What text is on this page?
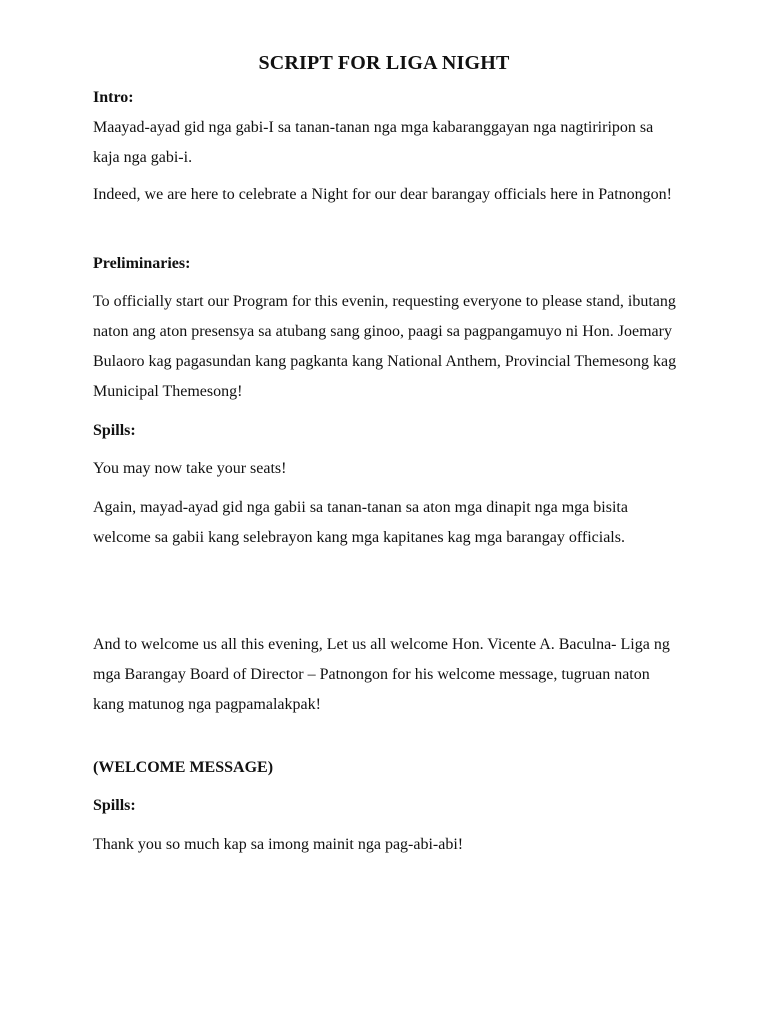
SCRIPT FOR LIGA NIGHT

Intro:

Maayad-ayad gid nga gabi-I sa tanan-tanan nga mga kabaranggayan nga nagtiriripon sa kaja nga gabi-i.

Indeed, we are here to celebrate a Night for our dear barangay officials here in Patnongon!

Preliminaries:

To officially start our Program for this evenin, requesting everyone to please stand, ibutang naton ang aton presensya sa atubang sang ginoo, paagi sa pagpangamuyo ni Hon. Joemary Bulaoro kag pagasundan kang pagkanta kang National Anthem, Provincial Themesong kag Municipal Themesong!

Spills:

You may now take your seats!

Again, mayad-ayad gid nga gabii sa tanan-tanan sa aton mga dinapit nga mga bisita welcome sa gabii kang selebrayon kang mga kapitanes kag mga barangay officials.

And to welcome us all this evening, Let us all welcome Hon. Vicente A. Baculna- Liga ng mga Barangay Board of Director – Patnongon for his welcome message, tugruan naton kang matunog nga pagpamalakpak!

(WELCOME MESSAGE)

Spills:

Thank you so much kap sa imong mainit nga pag-abi-abi!
